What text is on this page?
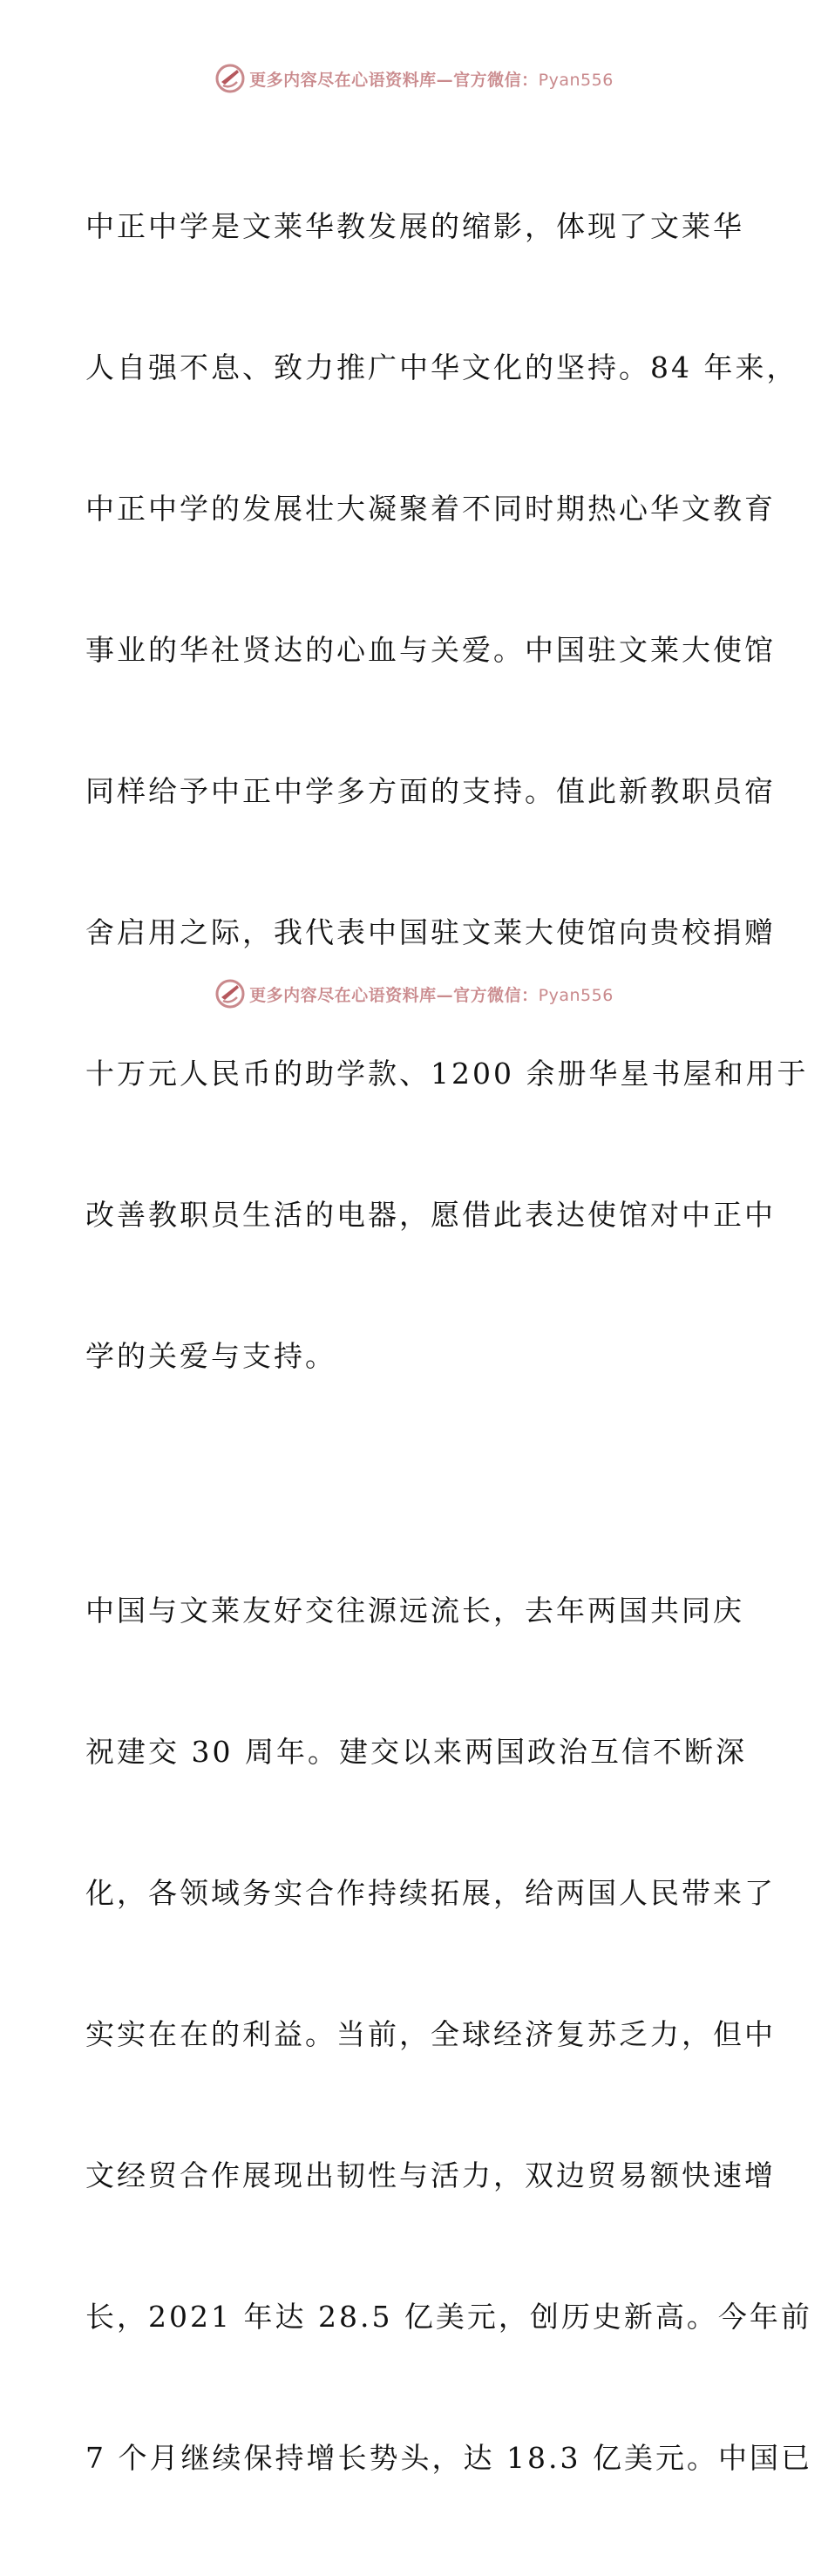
更多内容尽在心语资料库—官方微信：Pyan556

中正中学是文莱华教发展的缩影，体现了文莱华

人自强不息、致力推广中华文化的坚持。84 年来，

中正中学的发展壮大凝聚着不同时期热心华文教育

事业的华社贤达的心血与关爱。中国驻文莱大使馆

同样给予中正中学多方面的支持。值此新教职员宿

舍启用之际，我代表中国驻文莱大使馆向贵校捐赠

十万元人民币的助学款、1200 余册华星书屋和用于

改善教职员生活的电器，愿借此表达使馆对中正中

学的关爱与支持。

中国与文莱友好交往源远流长，去年两国共同庆

祝建交 30 周年。建交以来两国政治互信不断深

化，各领域务实合作持续拓展，给两国人民带来了

实实在在的利益。当前，全球经济复苏乏力，但中

文经贸合作展现出韧性与活力，双边贸易额快速增

长，2021 年达 28.5 亿美元，创历史新高。今年前

7 个月继续保持增长势头，达 18.3 亿美元。中国已

更多内容尽在心语资料库—官方微信：Pyan556
